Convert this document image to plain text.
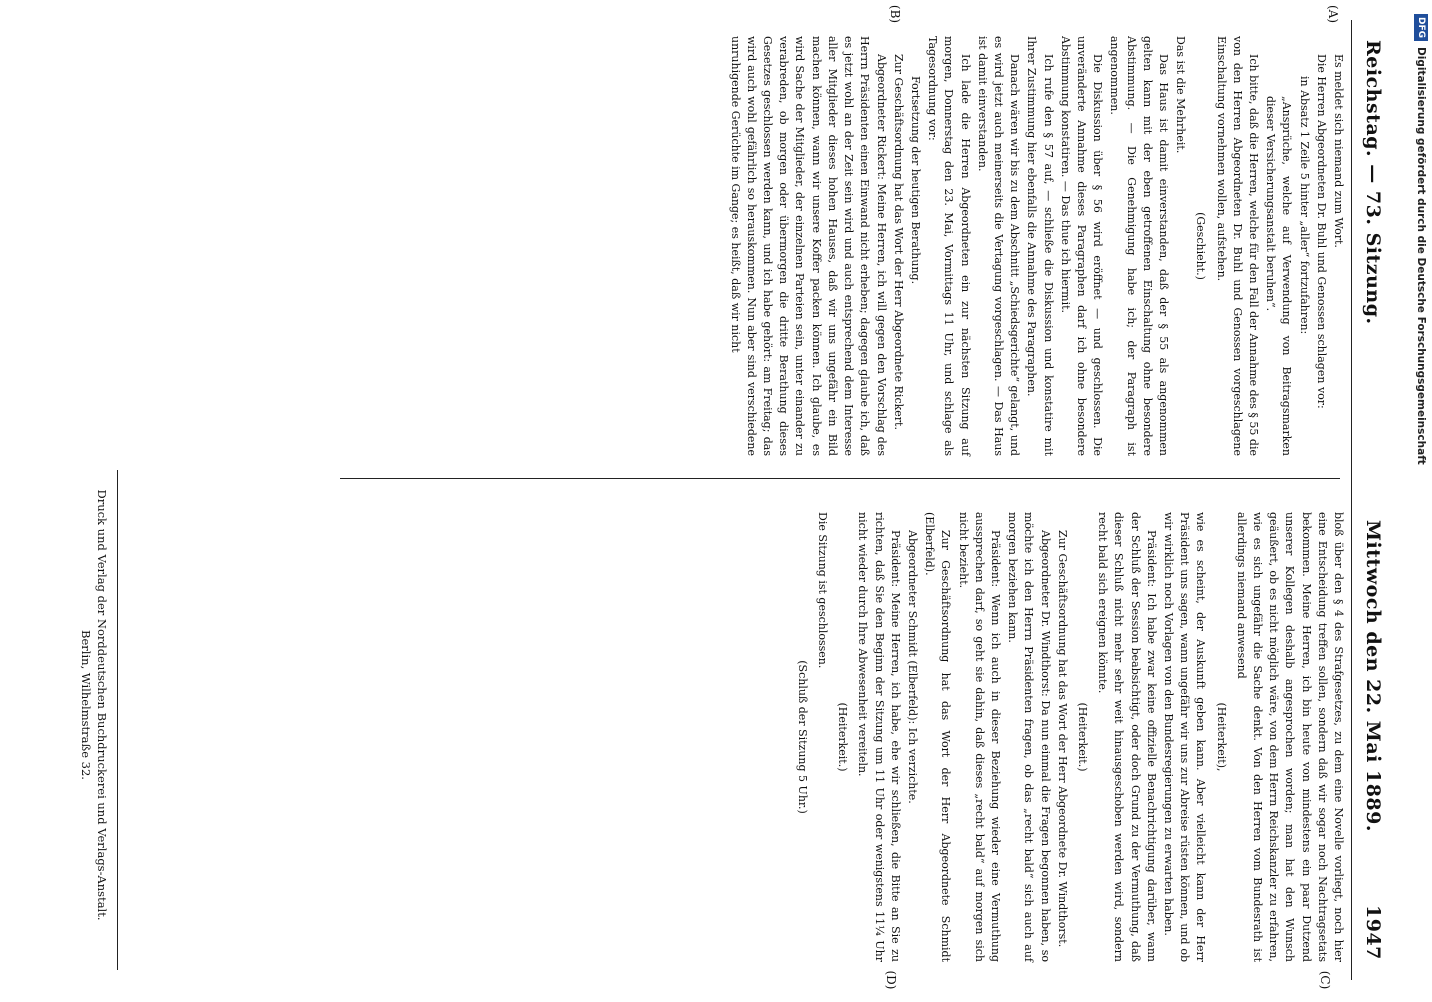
Reichstag. — 73. Sitzung.
Mittwoch den 22. Mai 1889.
1947
(A)
(B)
(C)
(D)

Es meldet sich niemand zum Wort.

Die Herren Abgeordneten Dr. Buhl und Genossen schlagen vor:

in Absatz 1 Zeile 5 hinter „aller“ fortzufahren:

„Ansprüche, welche auf Verwendung von Beitragsmarken dieser Versicherungsanstalt beruhen“.

Ich bitte, daß die Herren, welche für den Fall der Annahme des § 55 die von den Herren Abgeordneten Dr. Buhl und Genossen vorgeschlagene Einschaltung vornehmen wollen, aufstehen.

(Geschieht.)

Das ist die Mehrheit.

Das Haus ist damit einverstanden, daß der § 55 als angenommen gelten kann mit der eben getroffenen Einschaltung ohne besondere Abstimmung. — Die Genehmigung habe ich; der Paragraph ist angenommen.

Die Diskussion über § 56 wird eröffnet — und geschlossen. Die unveränderte Annahme dieses Paragraphen darf ich ohne besondere Abstimmung konstatiren. — Das thue ich hiermit.

Ich rufe den § 57 auf, — schließe die Diskussion und konstatire mit Ihrer Zustimmung hier ebenfalls die Annahme des Paragraphen.

Danach wären wir bis zu dem Abschnitt „Schiedsgerichte“ gelangt, und es wird jetzt auch meinerseits die Vertagung vorgeschlagen. — Das Haus ist damit einverstanden.

Ich lade die Herren Abgeordneten ein zur nächsten Sitzung auf morgen, Donnerstag den 23. Mai, Vormittags 11 Uhr, und schlage als Tagesordnung vor:

Fortsetzung der heutigen Berathung.

Zur Geschäftsordnung hat das Wort der Herr Abgeordnete Rickert.

Abgeordneter Rickert: Meine Herren, ich will gegen den Vorschlag des Herrn Präsidenten einen Einwand nicht erheben; dagegen glaube ich, daß es jetzt wohl an der Zeit sein wird und auch entsprechend dem Interesse aller Mitglieder dieses hohen Hauses, daß wir uns ungefähr ein Bild machen können, wann wir unsere Koffer packen können. Ich glaube, es wird Sache der Mitglieder, der einzelnen Parteien sein, unter einander zu verabreden, ob morgen oder übermorgen die dritte Berathung dieses Gesetzes geschlossen werden kann, und ich habe gehört: am Freitag; das wird auch wohl gefährlich so herauskommen. Nun aber sind verschiedene unruhigende Gerüchte im Gange; es heißt, daß wir nicht

bloß über den § 4 des Strafgesetzes, zu dem eine Novelle vorliegt, noch hier eine Entscheidung treffen sollen, sondern daß wir sogar noch Nachtragsetats bekommen. Meine Herren, ich bin heute von mindestens ein paar Dutzend unserer Kollegen deshalb angesprochen worden; man hat den Wunsch geäußert, ob es nicht möglich wäre, von dem Herrn Reichskanzler zu erfahren, wie es sich ungefähr die Sache denkt. Von den Herren vom Bundesrath ist allerdings niemand anwesend

(Heiterkeit),

wie es scheint, der Auskunft geben kann. Aber vielleicht kann der Herr Präsident uns sagen, wann ungefähr wir uns zur Abreise rüsten können, und ob wir wirklich noch Vorlagen von den Bundesregierungen zu erwarten haben.

Präsident: Ich habe zwar keine offizielle Benachrichtigung darüber, wann der Schluß der Session beabsichtigt, oder doch Grund zu der Vermuthung, daß dieser Schluß nicht mehr sehr weit hinausgeschoben werden wird, sondern recht bald sich ereignen könnte.

(Heiterkeit.)

Zur Geschäftsordnung hat das Wort der Herr Abgeordnete Dr. Windthorst.

Abgeordneter Dr. Windthorst: Da nun einmal die Fragen begonnen haben, so möchte ich den Herrn Präsidenten fragen, ob das „recht bald“ sich auch auf morgen beziehen kann.

Präsident: Wenn ich auch in dieser Beziehung wieder eine Vermuthung aussprechen darf, so geht sie dahin, daß dieses „recht bald“ auf morgen sich nicht bezieht.

Zur Geschäftsordnung hat das Wort der Herr Abgeordnete Schmidt (Elberfeld).

Abgeordneter Schmidt (Elberfeld): Ich verzichte.

Präsident: Meine Herren, ich habe, ehe wir schließen, die Bitte an Sie zu richten, daß Sie den Beginn der Sitzung um 11 Uhr oder wenigstens 11¼ Uhr nicht wieder durch Ihre Abwesenheit vereiteln.

(Heiterkeit.)

Die Sitzung ist geschlossen.

(Schluß der Sitzung 5 Uhr.)

Druck und Verlag der Norddeutschen Buchdruckerei und Verlags-Anstalt.
Berlin, Wilhelmstraße 32.
DFGDigitalisierung gefördert durch die Deutsche Forschungsgemeinschaft
